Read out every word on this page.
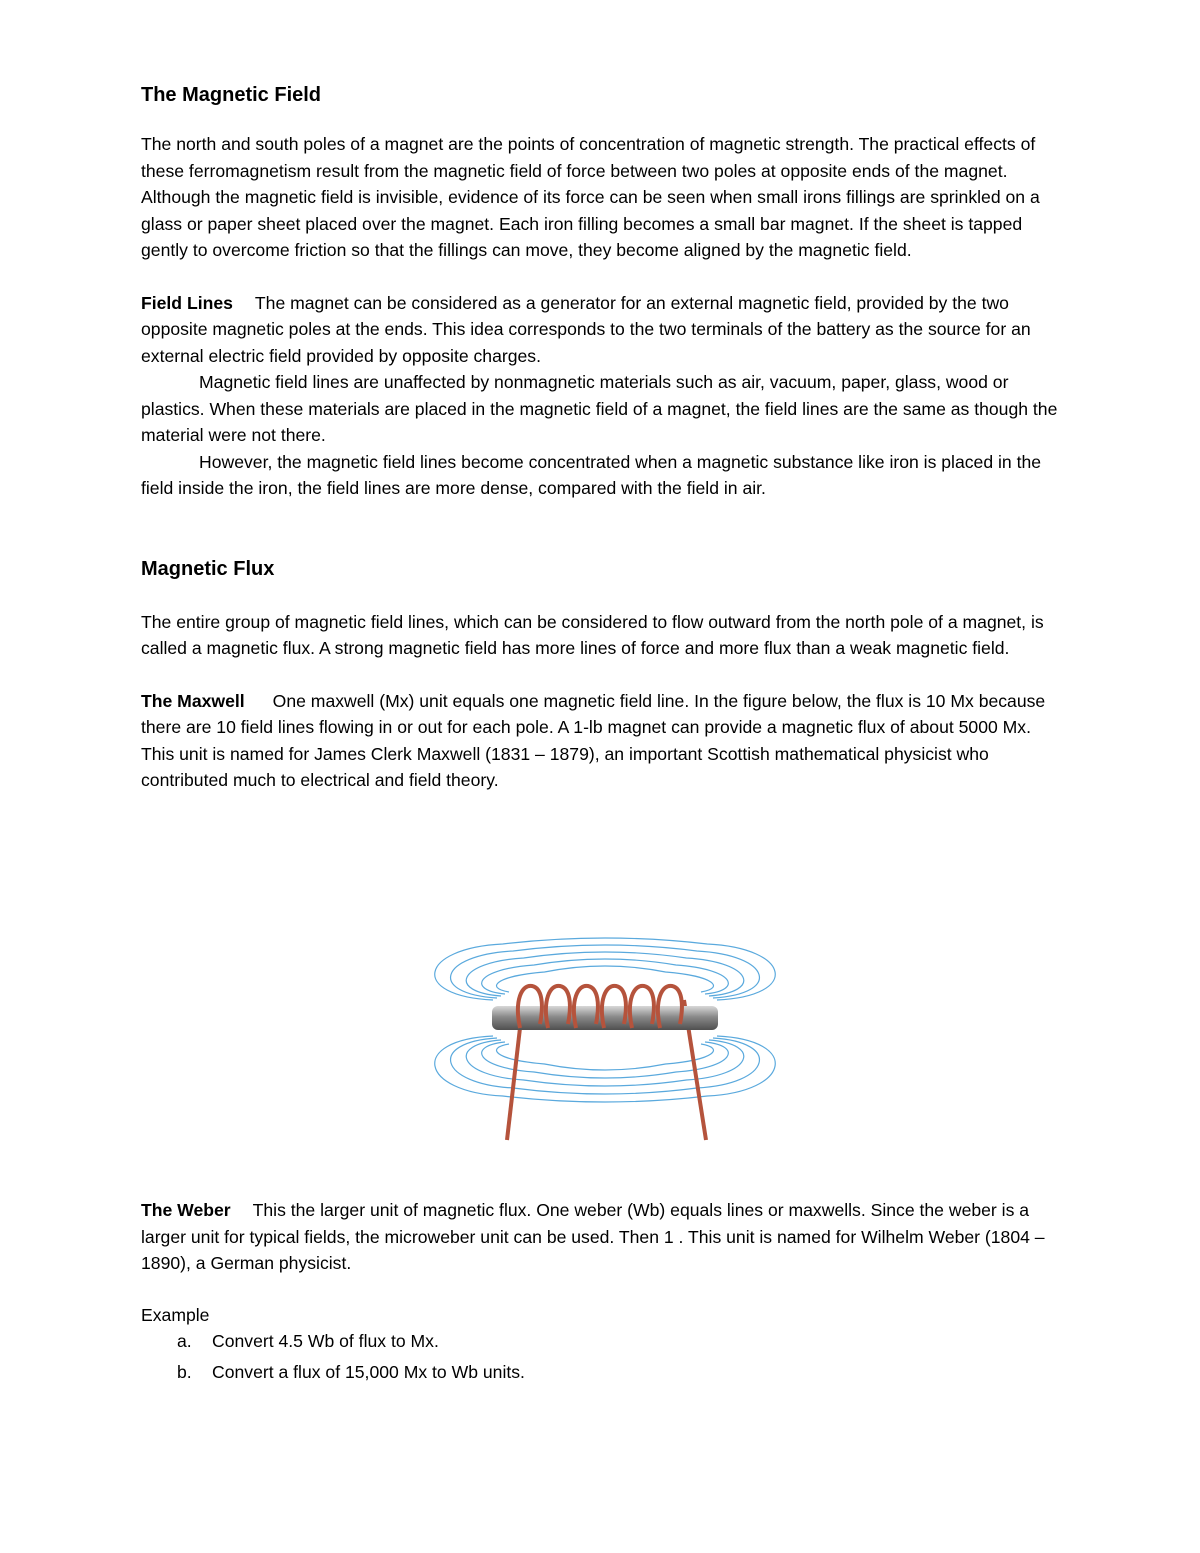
The Magnetic Field

The north and south poles of a magnet are the points of concentration of magnetic strength. The practical effects of these ferromagnetism result from the magnetic field of force between two poles at opposite ends of the magnet. Although the magnetic field is invisible, evidence of its force can be seen when small irons fillings are sprinkled on a glass or paper sheet placed over the magnet. Each iron filling becomes a small bar magnet. If the sheet is tapped gently to overcome friction so that the fillings can move, they become aligned by the magnetic field.

Field Lines The magnet can be considered as a generator for an external magnetic field, provided by the two opposite magnetic poles at the ends. This idea corresponds to the two terminals of the battery as the source for an external electric field provided by opposite charges.

Magnetic field lines are unaffected by nonmagnetic materials such as air, vacuum, paper, glass, wood or plastics. When these materials are placed in the magnetic field of a magnet, the field lines are the same as though the material were not there.

However, the magnetic field lines become concentrated when a magnetic substance like iron is placed in the field inside the iron, the field lines are more dense, compared with the field in air.

Magnetic Flux

The entire group of magnetic field lines, which can be considered to flow outward from the north pole of a magnet, is called a magnetic flux. A strong magnetic field has more lines of force and more flux than a weak magnetic field.

The Maxwell One maxwell (Mx) unit equals one magnetic field line. In the figure below, the flux is 10 Mx because there are 10 field lines flowing in or out for each pole. A 1-lb magnet can provide a magnetic flux of about 5000 Mx. This unit is named for James Clerk Maxwell (1831 – 1879), an important Scottish mathematical physicist who contributed much to electrical and field theory.

The Weber This the larger unit of magnetic flux. One weber (Wb) equals lines or maxwells. Since the weber is a larger unit for typical fields, the microweber unit can be used. Then 1 . This unit is named for Wilhelm Weber (1804 – 1890), a German physicist.

Example

a.	Convert 4.5 Wb of flux to Mx.
b.	Convert a flux of 15,000 Mx to Wb units.
